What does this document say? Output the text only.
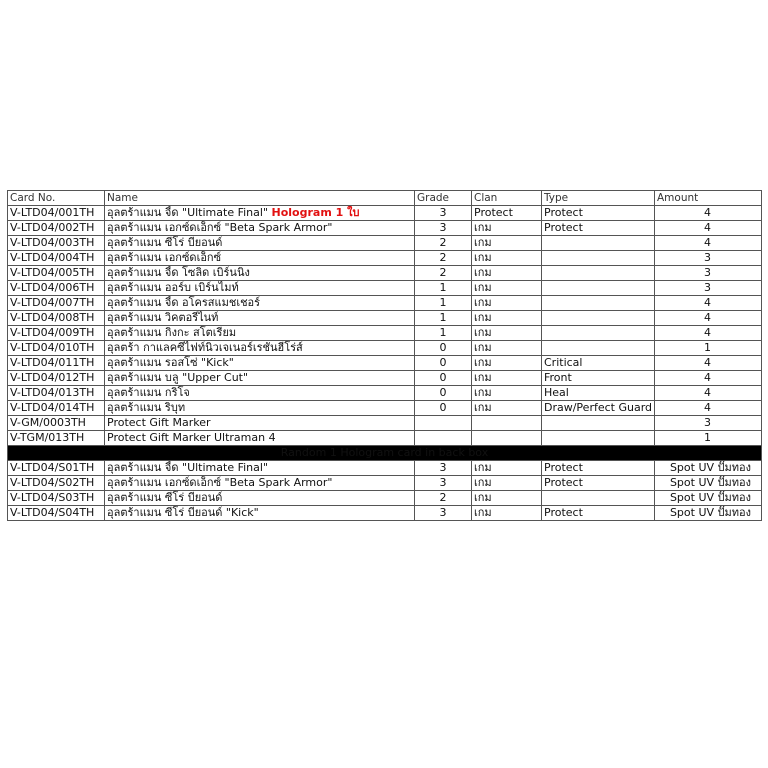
Card No.	Name	Grade	Clan	Type	Amount
V-LTD04/001TH	อุลตร้าแมน จี้ด "Ultimate Final" Hologram 1 ใบ	3	Protect	Protect	4
V-LTD04/002TH	อุลตร้าแมน เอกซ์ดเอ็กซ์ "Beta Spark Armor"	3	เกม	Protect	4
V-LTD04/003TH	อุลตร้าแมน ซีโร่ บียอนด์	2	เกม		4
V-LTD04/004TH	อุลตร้าแมน เอกซ์ดเอ็กซ์	2	เกม		3
V-LTD04/005TH	อุลตร้าแมน จี้ด โซลิด เบิร์นนิ่ง	2	เกม		3
V-LTD04/006TH	อุลตร้าแมน ออร์บ เบิร์นไมท์	1	เกม		3
V-LTD04/007TH	อุลตร้าแมน จี้ด อโครสแมชเชอร์	1	เกม		4
V-LTD04/008TH	อุลตร้าแมน วิคตอรีไนท์	1	เกม		4
V-LTD04/009TH	อุลตร้าแมน กิงกะ สโตเรียม	1	เกม		4
V-LTD04/010TH	อุลตร้า กาแลคซี่ไฟท์นิวเจเนอร์เรชั่นฮีโร่ส์	0	เกม		1
V-LTD04/011TH	อุลตร้าแมน รอสโซ่ "Kick"	0	เกม	Critical	4
V-LTD04/012TH	อุลตร้าแมน บลู "Upper Cut"	0	เกม	Front	4
V-LTD04/013TH	อุลตร้าแมน กริโจ	0	เกม	Heal	4
V-LTD04/014TH	อุลตร้าแมน ริบุท	0	เกม	Draw/Perfect Guard	4
V-GM/0003TH	Protect Gift Marker				3
V-TGM/013TH	Protect Gift Marker Ultraman 4				1
Random 1 Hologram card in back box					
V-LTD04/S01TH	อุลตร้าแมน จี้ด "Ultimate Final"	3	เกม	Protect	Spot UV ปั๊มทอง
V-LTD04/S02TH	อุลตร้าแมน เอกซ์ดเอ็กซ์ "Beta Spark Armor"	3	เกม	Protect	Spot UV ปั๊มทอง
V-LTD04/S03TH	อุลตร้าแมน ซีโร่ บียอนด์	2	เกม		Spot UV ปั๊มทอง
V-LTD04/S04TH	อุลตร้าแมน ซีโร่ บียอนด์ "Kick"	3	เกม	Protect	Spot UV ปั๊มทอง
